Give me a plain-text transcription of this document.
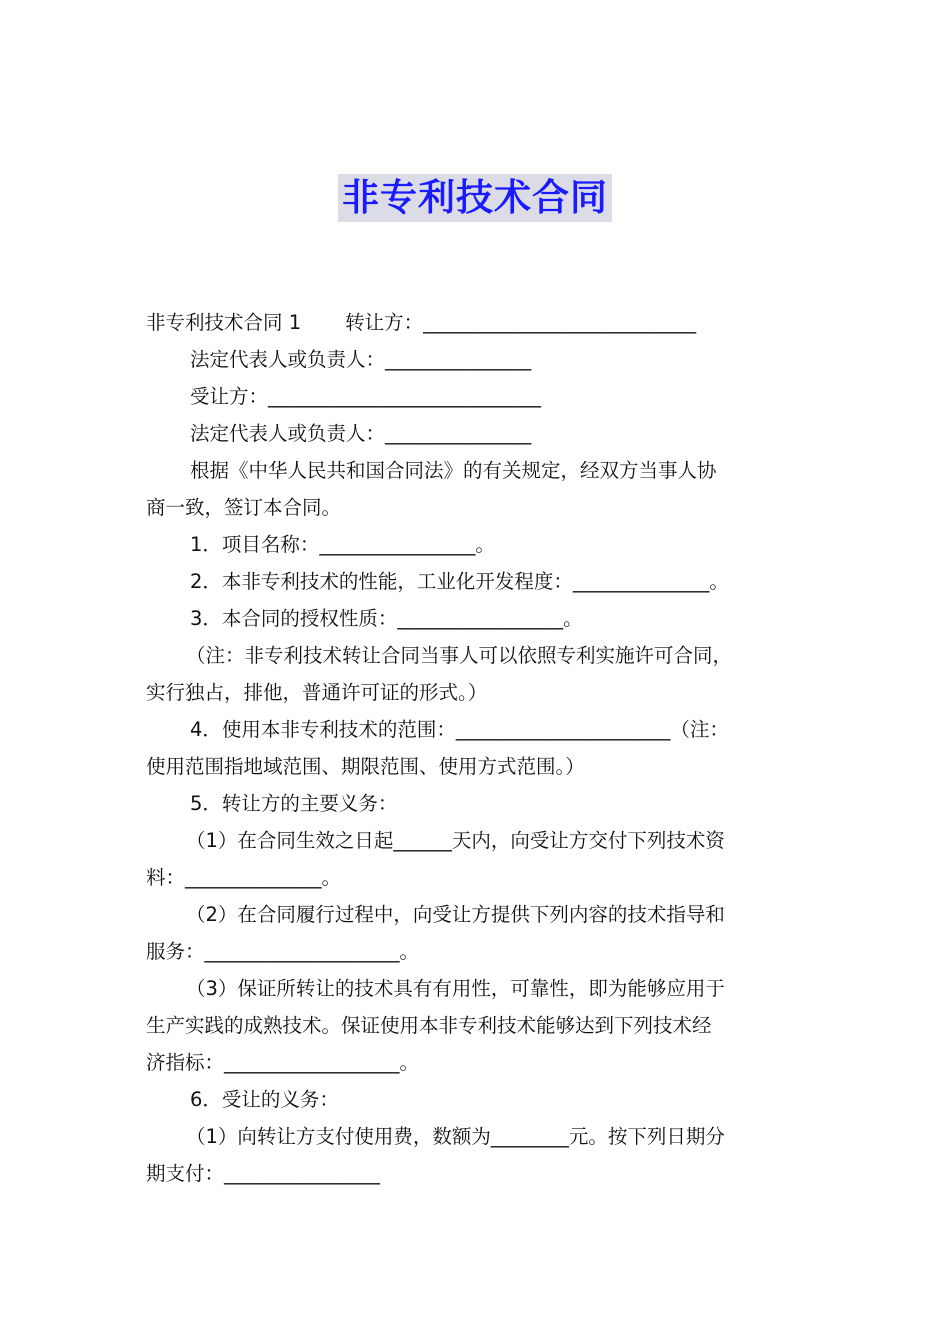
非专利技术合同
非专利技术合同 1 转让方：____________________________
法定代表人或负责人：_______________
受让方：____________________________
法定代表人或负责人：_______________
根据《中华人民共和国合同法》的有关规定，经双方当事人协
商一致，签订本合同。
1．项目名称：________________。
2．本非专利技术的性能，工业化开发程度：______________。
3．本合同的授权性质：_________________。
（注：非专利技术转让合同当事人可以依照专利实施许可合同，
实行独占，排他，普通许可证的形式。）
4．使用本非专利技术的范围：______________________（注：
使用范围指地域范围、期限范围、使用方式范围。）
5．转让方的主要义务：
（1）在合同生效之日起______天内，向受让方交付下列技术资
料：______________。
（2）在合同履行过程中，向受让方提供下列内容的技术指导和
服务：____________________。
（3）保证所转让的技术具有有用性，可靠性，即为能够应用于
生产实践的成熟技术。保证使用本非专利技术能够达到下列技术经
济指标：__________________。
6．受让的义务：
（1）向转让方支付使用费，数额为________元。按下列日期分
期支付：________________
